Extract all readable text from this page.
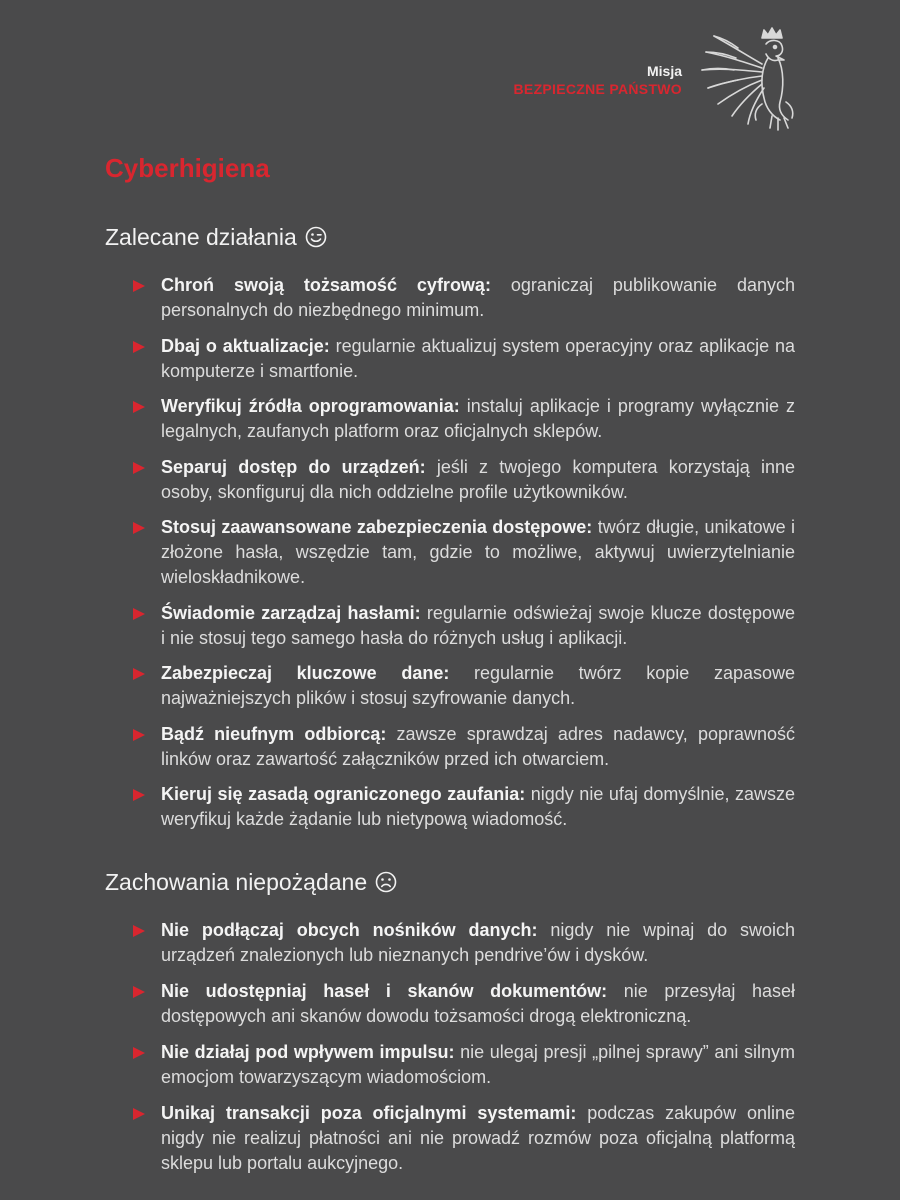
Misja
BEZPIECZNE PAŃSTWO
Cyberhigiena
Zalecane działania
Chroń swoją tożsamość cyfrową: ograniczaj publikowanie danych personalnych do niezbędnego minimum.
Dbaj o aktualizacje: regularnie aktualizuj system operacyjny oraz aplikacje na komputerze i smartfonie.
Weryfikuj źródła oprogramowania: instaluj aplikacje i programy wyłącznie z legalnych, zaufanych platform oraz oficjalnych sklepów.
Separuj dostęp do urządzeń: jeśli z twojego komputera korzystają inne osoby, skonfiguruj dla nich oddzielne profile użytkowników.
Stosuj zaawansowane zabezpieczenia dostępowe: twórz długie, unikatowe i złożone hasła, wszędzie tam, gdzie to możliwe, aktywuj uwierzytelnianie wieloskładnikowe.
Świadomie zarządzaj hasłami: regularnie odświeżaj swoje klucze dostępowe i nie stosuj tego samego hasła do różnych usług i aplikacji.
Zabezpieczaj kluczowe dane: regularnie twórz kopie zapasowe najważniejszych plików i stosuj szyfrowanie danych.
Bądź nieufnym odbiorcą: zawsze sprawdzaj adres nadawcy, poprawność linków oraz zawartość załączników przed ich otwarciem.
Kieruj się zasadą ograniczonego zaufania: nigdy nie ufaj domyślnie, zawsze weryfikuj każde żądanie lub nietypową wiadomość.
Zachowania niepożądane
Nie podłączaj obcych nośników danych: nigdy nie wpinaj do swoich urządzeń znalezionych lub nieznanych pendrive’ów i dysków.
Nie udostępniaj haseł i skanów dokumentów: nie przesyłaj haseł dostępowych ani skanów dowodu tożsamości drogą elektroniczną.
Nie działaj pod wpływem impulsu: nie ulegaj presji „pilnej sprawy” ani silnym emocjom towarzyszącym wiadomościom.
Unikaj transakcji poza oficjalnymi systemami: podczas zakupów online nigdy nie realizuj płatności ani nie prowadź rozmów poza oficjalną platformą sklepu lub portalu aukcyjnego.
